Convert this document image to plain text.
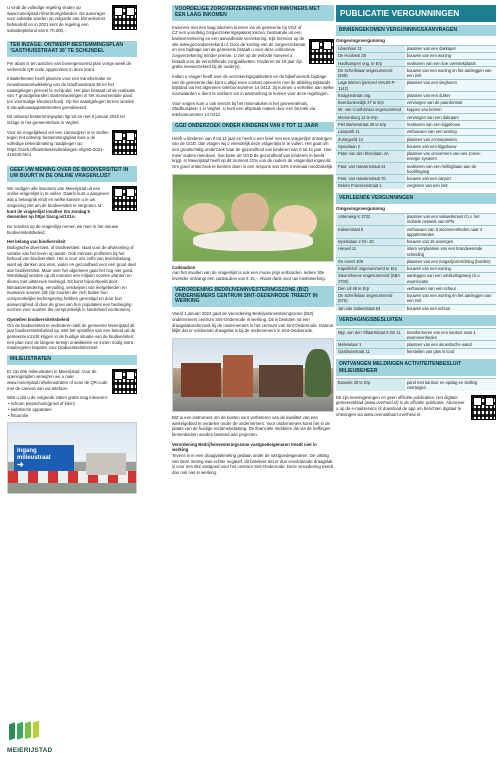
U vindt de volledige regeling vinden op www.meierijstad.nl/centrumgebieden. De aanvrager voor subsidie worden op volgorde van binnenkomst behandeld en in 2021 kent de regeling een subsidieplafond van € 70.000,-.
TER INZAGE: ONTWERP BESTEMMINGSPLAN 'GASTHUISSTRAAT 36' TE SCHIJNDEL
Per abuis is ten aanzien van bovengenoemd plan vorige week de verkeerde QR code opgenomen in deze krant.
Initiatiefnemer heeft plannen voor een transformatie en nieuwbouwontwikkeling van de Gasthuisstraat 36 en het naastgelegen perceel te Schijndel. Het plan bestaat uit de realisatie van 7 grondgebonden starterswoningen in het monumentale pand (en voormalige kleuterschool). Op het naastgelegen terrein worden 8 nieuwbouwappartementen gerealiseerd.
Dit ontwerp bestemmingsplan ligt tot en met 6 januari 2022 ter inzage in het gemeentehuis in Veghel.
Voor de mogelijkheid om een zienswijzen in te stellen tegen het ontwerp bestemmingsplan kunt u de volledige bekendmaking raadplegen op: https://zoek.officielebekendmakingen.nl/gmb-2021-416340.html
GEEF UW MENING OVER DE BIODIVERSITEIT IN UW BUURT IN DE ONLINE VRAGENLIJST
We nodigen alle inwoners van Meierijstad uit een online-vragenlijst in te vullen. Daarin kunt u aangeven wat u belangrijk vindt en welke kansen u in uw omgeving ziet om de biodiversiteit te vergroten. U kunt de vragenlijst invullen t/m zondag 5 december op https://arcg.is/1X1n.
De reacties op de vragenlijst nemen we mee in het nieuwe biodiversiteitsbeleid.
Het belang van biodiversiteit
Biologische diversiteit, of biodiversiteit, staat voor de afwisseling of variatie van het leven op aarde. Ook mensen profiteren bij het behoud van biodiversiteit. Het is voor ons zelfs van levensbelang, want wij danken ons eten, water en gezondheid voor een groot deel aan biodiversiteit. Maar over het algemeen gaat het nog niet goed. Wereldwijd worden op dit moment een miljoen soorten planten en dieren met uitsterven bedreigd. Dit komt bijvoorbeeld door klimaatverandering, vervuiling, verdwijnen van leefgebieden en invasieve soorten (dit zijn soorten die zich buiten hun oorspronkelijke leefomgeving hebben gevestigd en door hun aanwezigheid of door de groei van hun populaties een bedreiging vormen voor soorten die oorspronkelijk in Nederland voorkomen).
Opstellen biodiversiteitsbeleid
Om de biodiversiteit te verbeteren stelt de gemeente Meierijstad dit jaar biodiversiteitsbeleid op. Met het opstellen van een beleid wil de gemeente inzicht krijgen in de huidige situatie van de biodiversiteit, een plan voor de langere termijn ontwikkelen en inzien nodig extra maatregelen bepalen voor biodiversiteitsherstel.
MILIEUSTRATEN
Er zijn drie milieustraten in Meierijstad. Voor de openingstijden verwijzen we u naar www.meierijstad.nl/milieustraten of scan de QR-code met de camera van uw telefoon.
Wist u dat u de volgende zaken gratis mag inleveren:
• schoon piepschuim(groot of klein)
• elektrische apparaten
• frituurolie
Ingang
milieustraat
➜
VOORDELIGE ZORGVERZEKERING VOOR INWONERS MET EEN LAAG INKOMEN
Inwoners met een laag inkomen kunnen via de gemeente bij VGZ of CZ een voordelig zorgverzekeringspakket kiezen, bestaande uit een basisverzekering en een aanvullende verzekering. Kijk hiervoor op de site www.gezondverzekerd.nl. Door de korting van de zorgverzekeraar en een bijdrage van de gemeente betaalt u voor deze collectieve zorgverzekering minder premie. U ziet op de website hoeveel u betaalt voor de verschillende zorgpakketten. Kinderen tot 18 jaar zijn gratis meeverzekerd bij de ouder(s).
Indien u vragen heeft over de verzekeringspakketten en de bijbehorende bijdrage van de gemeente dan kunt u altijd even contact opnemen met de afdeling Bijstands Bijstand via het algemeen telefoonnummer 14 0413. Zij kunnen u vertellen aan welke voorwaarden u dient te voldoen om in aanmerking te komen voor deze regelingen.
Voor vragen kunt u ook terecht bij het minimaloket in het gemeentehuis, Stadhuisplein 1 in Veghel. U kunt een afspraak maken door een bezoek via telefoonnummer 14 0413.
GGD ONDERZOEK ONDER KINDEREN VAN 0 TOT 11 JAAR
Heeft u kinderen van 0 tot 11 jaar en heeft u een brief met een vragenlijst ontvangen van de GGD, dan vragen wij u vriendelijk deze vragenlijst in te vullen. Het gaat om een grootschalig onderzoek naar de gezondheid van kinderen van 0 tot 11 jaar. Hoe meer ouders meedoen, hoe beter de GGD de gezondheid van kinderen in beeld krijgt. In Meierijstad heeft op dit moment 21% van de ouders de vragenlijst ingevuld. Om goed onderzoek te kunnen doen is een respons van 34% minimaal noodzakelijk.
Cadeaubon
Aan het invullen van de vragenlijst is ook een mooie prijs verbonden. Iedere 30e invender ontvangt een cadeaubon van € 15,-. Alvast dank voor uw medewerking.
VERORDENING BEDRIJVENINVESTERINGSZONE (BIZ) ONDERNEMERS CENTRUM SINT-OEDENRODE TREEDT IN WERKING
Vanaf 1 januari 2022 gaat de Verordening Bedrijveninvesteringszone (BIZ) ondernemers centrum Sint-Oedenrode in werking. Dit is besloten na een draagvlakonderzoek bij de ondernemers in het centrum van Sint-Oedenrode. Daaruit blijkt dat er voldoende draagvlak is bij de ondernemers in Sint-Oedenrode.
BIZ is een instrument om de kosten voor verbeteren van de kwaliteit van een winkelgebied te verdelen onder de ondernemers. Voor ondernemers komt het in de plaats van de huidige reclamebelasting. De financiële middelen die via de heffingen binnenkomen worden besteed aan projecten.
Verordening Bedrijfsinvesteringszone vastgoedeigenaren treedt niet in werking
Tevens is er een draagvlakmeting gedaan onder de vastgoedeigenaren. De uitslag van deze meting was echter negatief, dit betekent dat er dus onvoldoende draagvlak is voor een BIZ vastgoed voor het centrum Sint-Oedenrode. Deze verordening treedt dan ook niet in werking.
PUBLICATIE VERGUNNINGEN
BINNENGEKOMEN VERGUNNINGSAANVRAGEN
Omgevingsvergunning
Ulvenhout 11	plaatsen van een dakkapel
De Hoolvest 38	bouwen van een woning
Hoolkampen ong. te Erp	realiseren van een koe overstekplaats
De Scheifelaar ongenummerd (539)	bouwen van een woning en het aanleggen van een inrit
Lage Biezen (perceel VHL00-P-1142)	plaatsen van een sleghoom
Kruigenstraat ong.	plaatsen van een duiker
Boerdonksedijk 37 te Erp	vervangen van de paardenstal
Mr. van Coothstraat ongenummerd	kappen van bomen
Morsenburg 12 te Erp	vervangen van een dakraam
Piet Bartenstraat 36 te Erp	realiseren van een bijgebouw
Laarpark 11	verbouwen van een woning
Zuringveld 13	plaatsen van zonnepanelen
Spoorlaan 2	bouwen van een bijgebouw
Pater van den Elsenlaan 4A	plaatsen van omvormers van een zonne-energie systeem
Past. van Haarenstraat 44	realiseren van een hellingbaan aan de hoofdingang
Past. van Haarenstraat 70	bouwen van een carport
Deken Franssenstraat 1	vergroten van een inrit
VERLEENDE VERGUNNINGEN
Omgevingsvergunning
Ustenweg K 3722	plaatsen van een vakwerkmast t.b.v. het mobiele netwerk van KPN
Kalverstraat 5	verbouwen van 6 woonneenheden naar 4 appartementen
Iependaan 2 t/m 4G	bouwen van 16 woningen
Heuvel 11	intern verplaatsen van een brandwerende scheiding
De Amert 409	plaatsen van een magazijnsinrichting (borden)
Kapellehof ongenummerd te Erp	bouwen van een woning
Steenshoeve ongenummerd (SBA 2700)	aanleggen van een ontsluitingsweg t.b.v. woonlocatie
Den Uil 48 te Erp	verbouwen van een schuur
De Scheifelaar ongenummerd (575)	bouwen van een woning en het aanleggen van een inrit
Jan van Galenstraat 63	bouwen van een schuur
VERDAGINGSBESLUITEN
Mgr. van den Tillaartstraat 5 t/m 11	transformeren van een kantoor naar 4 woonneenheden
Meleselaar 1	plaatsen van een akoestische wand
Gasthuisstraat 11	herstellen van glas in lood
ONTVANGEN MELDINGEN ACTIVITEITENBESLUIT MILIEUBEHEER
Bussele 28 te Erp	pand met kantoor en opslag en stalling voertuigen
Dit zijn kennisgevingen en geen officiële publicaties. Het digitale gemeenteblad (www.overheid.nl) is de officiële publicatie. Abonneer u op de e-mailservice of download de app om berichten digitaal te ontvangen via www.overuwbuurt.overheid.nl.
MEIERIJSTAD
